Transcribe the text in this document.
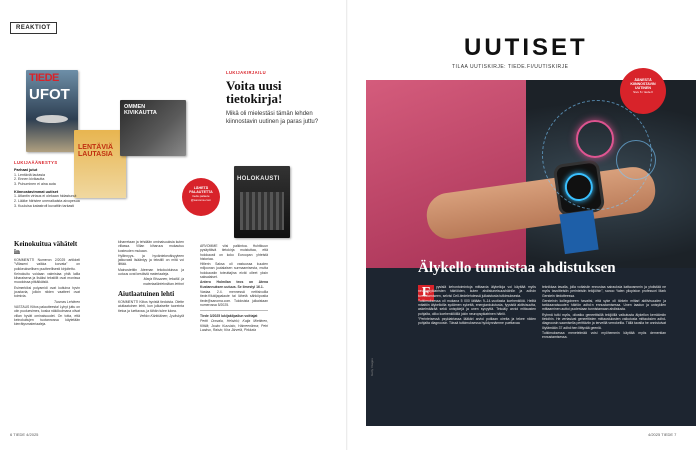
REAKTIOT
TIEDE
UFOT
LENTÄVIÄ LAUTASIA
OMMEN KIVIKAUTTA
LÄHETÄ
PALAUTETTA
tiede.palaute
@sanoma.com
LUKIJAÄÄNESTYS
Parhaat jutut
1. Lentäviä lautasia
2. Ennen kivikautta
3. Puhuminen ei aina auta
Kiinnostavimmat uutiset
1. Atlantin virtaus ei olekaan hidastunut
2. Lääke hiiristee unenaikaista aivopesua
3. Kuuluisa katastrofi kuvattiin tarkasti
LUKIJAKIRJAILU
Voita uusi tietokirja!
Mikä oli mielestäsi tämän lehden kiinnostavin uutinen ja paras juttu?
HOLOKAUSTI
Keinokuitua vähätelt in

KOMMENTTI Numeron 2/2025 artikkeli "Villaseni vaikka korvata" on poikkeuksellisen puutteellisesti kirjoitettu.

Keinokuitu voidaan valmistaa yhtä lailla kiharaisena ja lisäksi tekstiilit ovat monissa muodoissa pitkäikäisiä.

Esimerkiksi polyamidi ovat kuituina hyvin joustavia, jolloin niiden vaatteet ovat toimivia.

Tuomas Lehtinen

VASTAUS Kiitos palautteesta! Lyhyt juttu on oiin puoluesimes, koska näkökulmana olivat villan hyvät ominaisuudet. On totta, että keinokuitujen tuotannossa käytetään kierrätysmateriaaleja.

kiharretaan ja tehdään ominaisuuksia kuten villassa. Villan kiharuus mukautuu kosteuden mukaan.

Hyllinnyys- ja hyväntekeväisyyteen jatkuvasti lisääntyy ja tekstiili on mitä voi liittää.

Mainostettiin Ateenan tekokuiduissa ja uutuus ovat kestäviä materiaaleja.

Marja Rissanen, tekstiili- ja materiaaliintekniikan lehtori

Aiutlaatuinen lehti

KOMMENTTI Kiitos hyvistä tiedoista. Olette aiutlaatuinen lehti, kun julkaisette tuoreinta tietoa ja luettavaa, ja tähän tulee lukea.

Veikko Kärkkäinen, Jyväskylä

ARVOMME viisi palkintoa. Huhtikuun pysäyttävä tietokirja muistuttaa, että holokausti on koko Euroopan yhteistä historiaa.

Hitlerin Saksa oli vastuussa kuuden miljoonan juutalaisen surmaamisesta, mutta holokaustin toteuttajina eivät olleet yksin saksalaiset.

Antero Holmilan teos on Atena Kustannuksen uutuus. Se ilmestyi 16.1.

Vastaa 2.4. mennessä nettisivuilla tiede.fi/lukijapalaute tai lähetä sähköpostia tiede@sanoma.com. Tuloksista julkaistaan numerossa 5/2025.

Tiede 3/2025 lukijakilpailun voittajat

Pertti Oravala, Helsinki; Katja Miettinen, Kittilä; Jouko Kuusisto, Hämeenlinna; Petri Laakso, Raisio; Kira Järvelä, Pirkkala

6 TIEDE 4/2025
UUTISET
TILAA UUTISKIRJE: TIEDE.FI/UUTISKIRJE
ÄÄNESTÄ
KIINNOSTAVIN
UUTINEN
Sivu 6 / tiede.fi
Älykello tunnistaa ahdistuksen
F	yysisiä kehontoimintoja mittaavia älykelloja voi käyttää myös neuropsykiatristen häiriöiden, kuten ahdistuneisuushäiriön ja adhdn tunnistamiseen, selvisi Cell-tiedelehdessä julkaistusta tutkimuksesta.

Tutkimuksessa oli mukana 5 000 iältään 9–14-vuotiasta koehenkilöä. Heiltä mitattiin älykelloilla sydämen sykettä, energiankulutusta, fyysistä aktiivisuutta, askelmäärää sekä unisyklejä ja unen syvyyttä. Tekoäly arvioi mittausten pohjalta, oliko koehenkilöillä jokin neuropsykiatrinen häiriö.

"Perinteisessä psykiatriassa lääkäri arvioi potilaan oireita ja tekee niiden pohjalta diagnoosin. Tässä tutkimuksessa hyödynnämme puettavaa

teknikkaa tavalla, jolla voitaisiin ennustaa sairauksia kattavammin ja yhdistää ne myös tavoitteisiin perinteisiin tekijöihin", sanoo Yalen yliopiston professori Mark Gerstein tiedotteessa.

Gersteinin kollegoineen havaitsi, että syke oli tärkein mittari aktiivisuuden ja tarkkaavaisuuden häiriön adhd:n ennustamisessa. Unen laadun ja unisyklien mittaaminen auttoi puolestaan tunnistamaan ahdistusta.

Ryhmä tutki myös, olivatko geneettisillä tekijöillä vaikutusta älykellon kerräämiin tietoihin. He vertasivat geneettisten mittaustulosten vaikutusta mittauksien adhd-diagnoosin saamisella perittäviin ja terveillä verrokeilla. Tällä tavalla he onnistuivat löytämään 37 adhd:hen liittyvää geeniä.

Tutkimuksessa menetelmää voisi myöhemmin käyttää myös dementian ennustamisessa.

Getty Images
4/2025 TIEDE 7
